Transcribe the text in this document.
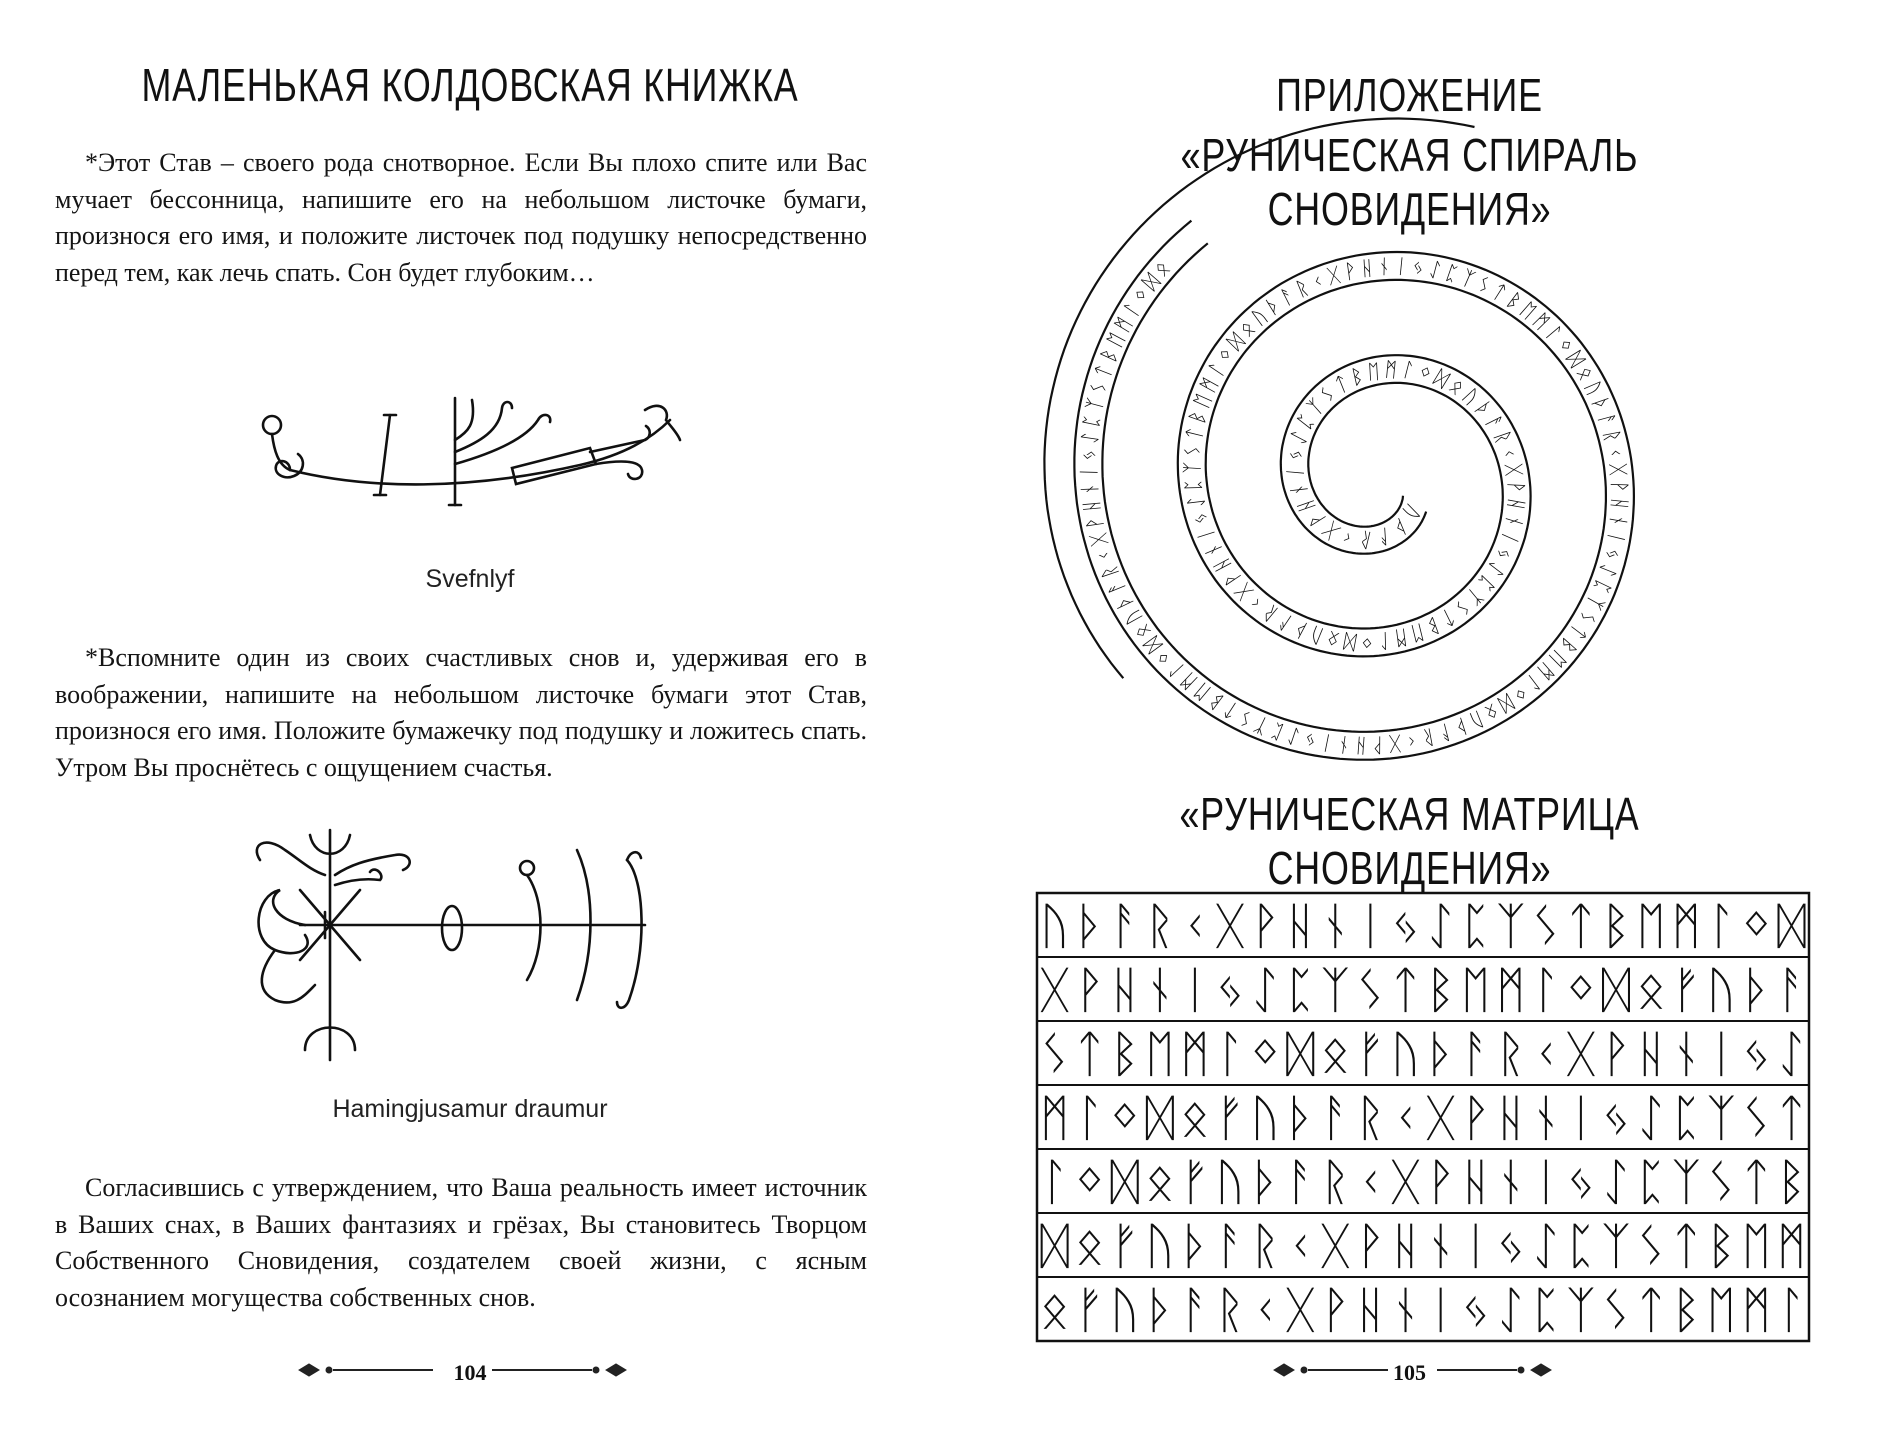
МАЛЕНЬКАЯ КОЛДОВСКАЯ КНИЖКА
*Этот Став – своего рода снотворное. Если Вы плохо спите или Вас мучает бессонница, напишите его на небольшом листочке бумаги, произнося его имя, и положите листочек под подушку непосредственно перед тем, как лечь спать. Сон будет глубоким…
Svefnlyf
*Вспомните один из своих счастливых снов и, удерживая его в воображении, напишите на небольшом листочке бумаги этот Став, произнося его имя. Положите бумажечку под подушку и ложитесь спать. Утром Вы проснётесь с ощущением счастья.
Hamingjusamur draumur
Согласившись с утверждением, что Ваша реальность имеет источник в Ваших снах, в Ваших фантазиях и грёзах, Вы становитесь Творцом Собственного Сновидения, создателем своей жизни, с ясным осознанием могущества собственных снов.
104
ПРИЛОЖЕНИЕ
«РУНИЧЕСКАЯ СПИРАЛЬ СНОВИДЕНИЯ»
ᚢ
ᚦ
ᚨ
ᚱ
ᚲ
ᚷ
ᚹ
ᚺ
ᚾ
ᛁ
ᛃ
ᛇ
ᛈ
ᛉ
ᛊ
ᛏ
ᛒ ᛖ ᛗ ᛚ
ᛜ
ᛞ
ᛟ
ᚢ
ᚦ
ᚨ
ᚱ
ᚲ
ᚷ
ᚹ
ᚺ
ᚾ
ᛁ
ᛃ
ᛇ
ᛈ
ᛉ
ᛊ
ᛏ
ᛒ
ᛖ
ᛗ
ᛚ
ᛜ
ᛞ
ᛟ
ᚢ
ᚦ
ᚨ
ᚱ
ᚲ
ᚷ
ᚹ
ᚺ
ᚾ
ᛁ
ᛃ
ᛇ
ᛈ
ᛉ
ᛊ
ᛏ
ᛒ
ᛖ
ᛗ
ᛚ
ᛜ
ᛞ
ᛟ
ᚢ
ᚦ
ᚨ
ᚱ
ᚲ
ᚷ ᚹ ᚺ ᚾ ᛁ ᛃ ᛇ
ᛈ
ᛉ
ᛊ
ᛏ
ᛒ
ᛖ
ᛗ
ᛚ
ᛜ
ᛞ
ᛟ
ᚢ
ᚦ
ᚨ
ᚱ
ᚲ
ᚷ
ᚹ
ᚺ
ᚾ
ᛁ
ᛃ
ᛇ
ᛈ
ᛉ
ᛊ
ᛏ
ᛒ
ᛖ
ᛗ
ᛚ
ᛜ
ᛞ
ᛟ
ᚢ
ᚦ
ᚨ
ᚱ
ᚲ
ᚷ
ᚹ
ᚺ
ᚾ
ᛁ
ᛃ
ᛇ
ᛈ
ᛉ
ᛊ
ᛏ
ᛒ
ᛖ
ᛗ
ᛚ
ᛜ
ᛞ
ᛟ
ᚢ
ᚦ
ᚨ
ᚱ
ᚲ
ᚷ
ᚹ
ᚺ
ᚾ
ᛁ
ᛃ
ᛇ
ᛈ
ᛉ
ᛊ
ᛏ
ᛒ
ᛖ
ᛗ
ᛚ
ᛜ
ᛞ
ᛟ
«РУНИЧЕСКАЯ МАТРИЦА СНОВИДЕНИЯ»
ᚢ ᚦ ᚨ ᚱ ᚲ ᚷ ᚹ ᚺ ᚾ ᛁ ᛃ ᛇ ᛈ ᛉ ᛊ ᛏ ᛒ ᛖ ᛗ ᛚ ᛜ ᛞ
ᚷ ᚹ ᚺ ᚾ ᛁ ᛃ ᛇ ᛈ ᛉ ᛊ ᛏ ᛒ ᛖ ᛗ ᛚ ᛜ ᛞ ᛟ ᚠ ᚢ ᚦ ᚨ
ᛊ ᛏ ᛒ ᛖ ᛗ ᛚ ᛜ ᛞ ᛟ ᚠ ᚢ ᚦ ᚨ ᚱ ᚲ ᚷ ᚹ ᚺ ᚾ ᛁ ᛃ ᛇ
ᛗ ᛚ ᛜ ᛞ ᛟ ᚠ ᚢ ᚦ ᚨ ᚱ ᚲ ᚷ ᚹ ᚺ ᚾ ᛁ ᛃ ᛇ ᛈ ᛉ ᛊ ᛏ
ᛚ ᛜ ᛞ ᛟ ᚠ ᚢ ᚦ ᚨ ᚱ ᚲ ᚷ ᚹ ᚺ ᚾ ᛁ ᛃ ᛇ ᛈ ᛉ ᛊ ᛏ ᛒ
ᛞ ᛟ ᚠ ᚢ ᚦ ᚨ ᚱ ᚲ ᚷ ᚹ ᚺ ᚾ ᛁ ᛃ ᛇ ᛈ ᛉ ᛊ ᛏ ᛒ ᛖ ᛗ
ᛟ ᚠ ᚢ ᚦ ᚨ ᚱ ᚲ ᚷ ᚹ ᚺ ᚾ ᛁ ᛃ ᛇ ᛈ ᛉ ᛊ ᛏ ᛒ ᛖ ᛗ ᛚ
105
